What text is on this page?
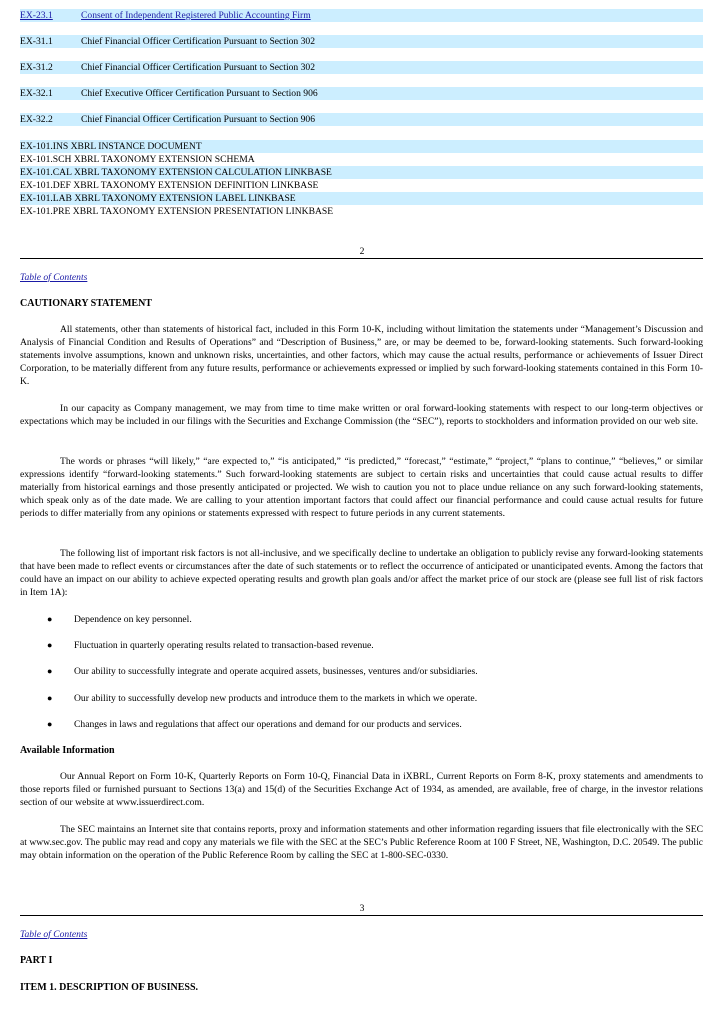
EX-23.1	Consent of Independent Registered Public Accounting Firm
EX-31.1	Chief Financial Officer Certification Pursuant to Section 302
EX-31.2	Chief Financial Officer Certification Pursuant to Section 302
EX-32.1	Chief Executive Officer Certification Pursuant to Section 906
EX-32.2	Chief Financial Officer Certification Pursuant to Section 906
EX-101.INS XBRL INSTANCE DOCUMENT
EX-101.SCH XBRL TAXONOMY EXTENSION SCHEMA
EX-101.CAL XBRL TAXONOMY EXTENSION CALCULATION LINKBASE
EX-101.DEF XBRL TAXONOMY EXTENSION DEFINITION LINKBASE
EX-101.LAB XBRL TAXONOMY EXTENSION LABEL LINKBASE
EX-101.PRE XBRL TAXONOMY EXTENSION PRESENTATION LINKBASE
2
Table of Contents
CAUTIONARY STATEMENT

All statements, other than statements of historical fact, included in this Form 10-K, including without limitation the statements under “Management’s Discussion and Analysis of Financial Condition and Results of Operations” and “Description of Business,” are, or may be deemed to be, forward-looking statements. Such forward-looking statements involve assumptions, known and unknown risks, uncertainties, and other factors, which may cause the actual results, performance or achievements of Issuer Direct Corporation, to be materially different from any future results, performance or achievements expressed or implied by such forward-looking statements contained in this Form 10-K.

In our capacity as Company management, we may from time to time make written or oral forward-looking statements with respect to our long-term objectives or expectations which may be included in our filings with the Securities and Exchange Commission (the “SEC”), reports to stockholders and information provided on our web site.

The words or phrases “will likely,” “are expected to,” “is anticipated,” “is predicted,” “forecast,” “estimate,” “project,” “plans to continue,” “believes,” or similar expressions identify “forward-looking statements.” Such forward-looking statements are subject to certain risks and uncertainties that could cause actual results to differ materially from historical earnings and those presently anticipated or projected. We wish to caution you not to place undue reliance on any such forward-looking statements, which speak only as of the date made. We are calling to your attention important factors that could affect our financial performance and could cause actual results for future periods to differ materially from any opinions or statements expressed with respect to future periods in any current statements.

The following list of important risk factors is not all-inclusive, and we specifically decline to undertake an obligation to publicly revise any forward-looking statements that have been made to reflect events or circumstances after the date of such statements or to reflect the occurrence of anticipated or unanticipated events. Among the factors that could have an impact on our ability to achieve expected operating results and growth plan goals and/or affect the market price of our stock are (please see full list of risk factors in Item 1A):

● Dependence on key personnel.
● Fluctuation in quarterly operating results related to transaction-based revenue.
● Our ability to successfully integrate and operate acquired assets, businesses, ventures and/or subsidiaries.
● Our ability to successfully develop new products and introduce them to the markets in which we operate.
● Changes in laws and regulations that affect our operations and demand for our products and services.
Available Information

Our Annual Report on Form 10-K, Quarterly Reports on Form 10-Q, Financial Data in iXBRL, Current Reports on Form 8-K, proxy statements and amendments to those reports filed or furnished pursuant to Sections 13(a) and 15(d) of the Securities Exchange Act of 1934, as amended, are available, free of charge, in the investor relations section of our website at www.issuerdirect.com.

The SEC maintains an Internet site that contains reports, proxy and information statements and other information regarding issuers that file electronically with the SEC at www.sec.gov. The public may read and copy any materials we file with the SEC at the SEC’s Public Reference Room at 100 F Street, NE, Washington, D.C. 20549. The public may obtain information on the operation of the Public Reference Room by calling the SEC at 1-800-SEC-0330.

3
Table of Contents
PART I
ITEM 1. DESCRIPTION OF BUSINESS.
